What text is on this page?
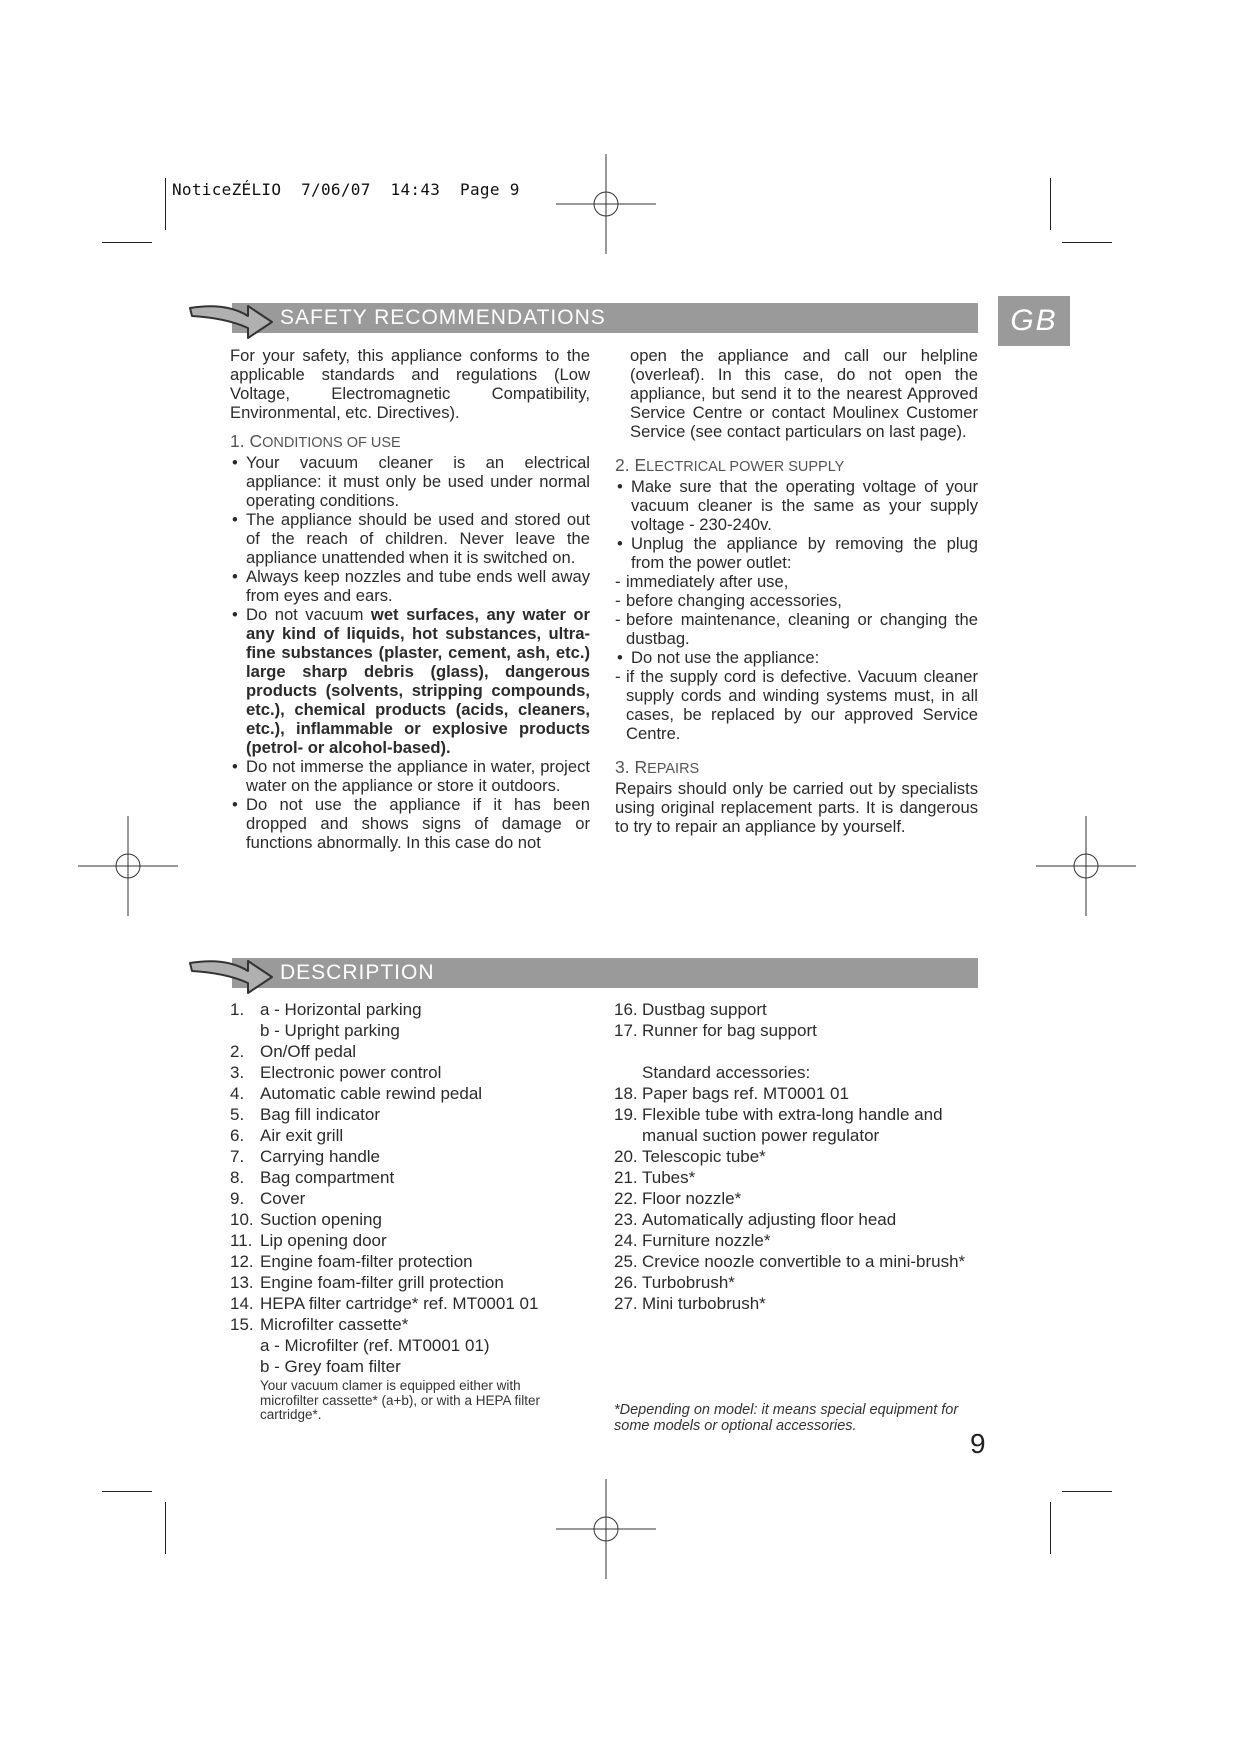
NoticeZÉLIO  7/06/07  14:43  Page 9
GB
SAFETY RECOMMENDATIONS

For your safety, this appliance conforms to the applicable standards and regulations (Low Voltage, Electromagnetic Compatibility, Environmental, etc. Directives).

1. CONDITIONS OF USE

• Your vacuum cleaner is an electrical appliance: it must only be used under normal operating conditions.
• The appliance should be used and stored out of the reach of children. Never leave the appliance unattended when it is switched on.
• Always keep nozzles and tube ends well away from eyes and ears.
• Do not vacuum wet surfaces, any water or any kind of liquids, hot substances, ultra-fine substances (plaster, cement, ash, etc.) large sharp debris (glass), dangerous products (solvents, stripping compounds, etc.), chemical products (acids, cleaners, etc.), inflammable or explosive products (petrol- or alcohol-based).
• Do not immerse the appliance in water, project water on the appliance or store it outdoors.
• Do not use the appliance if it has been dropped and shows signs of damage or functions abnormally. In this case do not

open the appliance and call our helpline (overleaf). In this case, do not open the appliance, but send it to the nearest Approved Service Centre or contact Moulinex Customer Service (see contact particulars on last page).

2. ELECTRICAL POWER SUPPLY

• Make sure that the operating voltage of your vacuum cleaner is the same as your supply voltage - 230-240v.
• Unplug the appliance by removing the plug from the power outlet:
- immediately after use,
- before changing accessories,
- before maintenance, cleaning or changing the dustbag.
• Do not use the appliance:
- if the supply cord is defective. Vacuum cleaner supply cords and winding systems must, in all cases, be replaced by our approved Service Centre.

3. REPAIRS

Repairs should only be carried out by specialists using original replacement parts. It is dangerous to try to repair an appliance by yourself.

DESCRIPTION
1. a - Horizontal parking
b - Upright parking
2. On/Off pedal
3. Electronic power control
4. Automatic cable rewind pedal
5. Bag fill indicator
6. Air exit grill
7. Carrying handle
8. Bag compartment
9. Cover
10. Suction opening
11. Lip opening door
12. Engine foam-filter protection
13. Engine foam-filter grill protection
14. HEPA filter cartridge* ref. MT0001 01
15. Microfilter cassette*
a - Microfilter (ref. MT0001 01)
b - Grey foam filter
Your vacuum clamer is equipped either with microfilter cassette* (a+b), or with a HEPA filter cartridge*.
16. Dustbag support
17. Runner for bag support
Standard accessories:
18. Paper bags ref. MT0001 01
19. Flexible tube with extra-long handle and manual suction power regulator
20. Telescopic tube*
21. Tubes*
22. Floor nozzle*
23. Automatically adjusting floor head
24. Furniture nozzle*
25. Crevice noozle convertible to a mini-brush*
26. Turbobrush*
27. Mini turbobrush*
*Depending on model: it means special equipment for some models or optional accessories.
9
